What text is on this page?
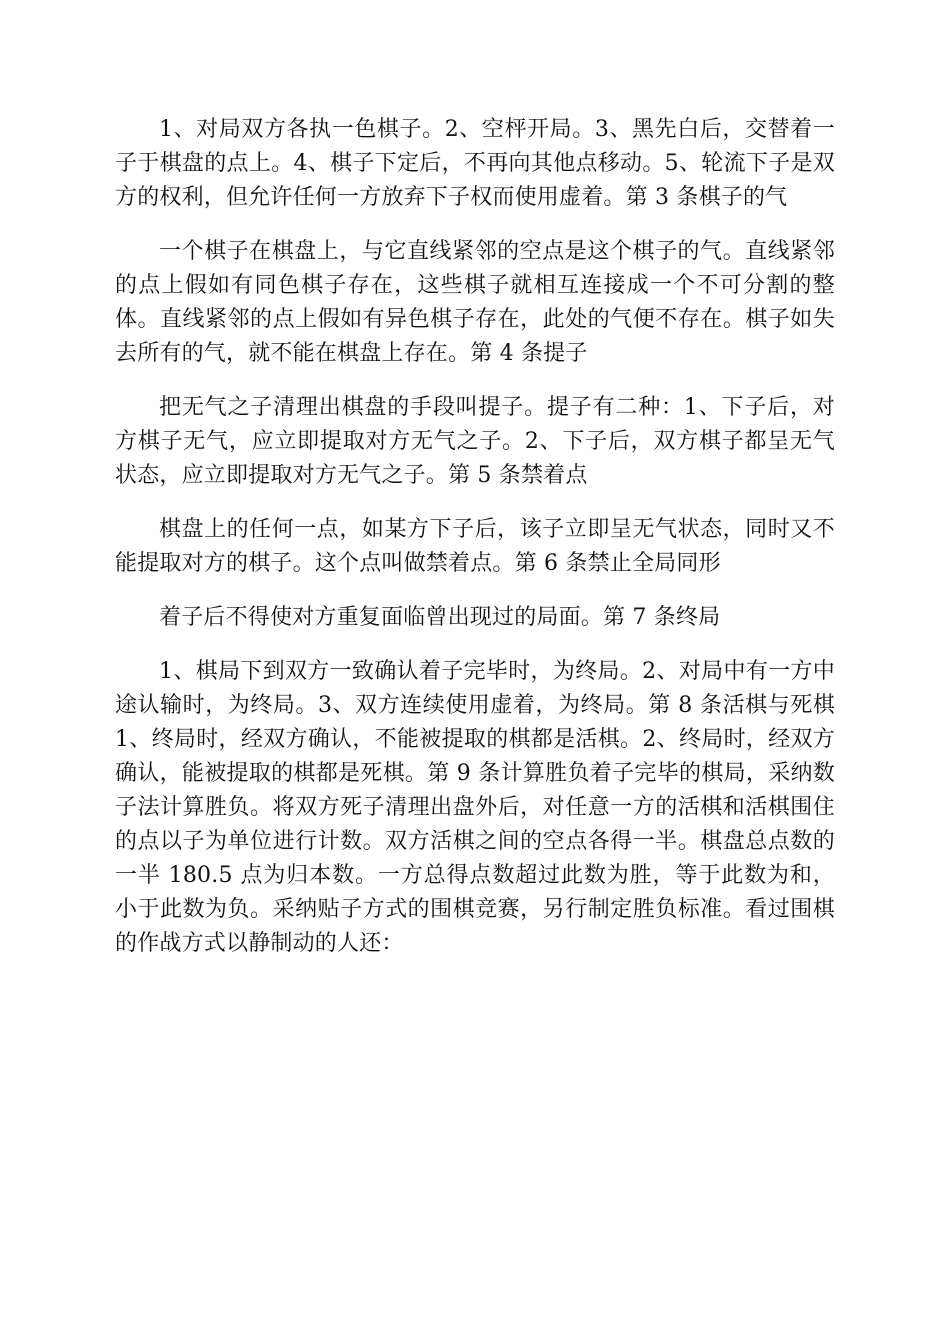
1、对局双方各执一色棋子。2、空枰开局。3、黑先白后，交替着一子于棋盘的点上。4、棋子下定后，不再向其他点移动。5、轮流下子是双方的权利，但允许任何一方放弃下子权而使用虚着。第 3 条棋子的气

一个棋子在棋盘上，与它直线紧邻的空点是这个棋子的气。直线紧邻的点上假如有同色棋子存在，这些棋子就相互连接成一个不可分割的整体。直线紧邻的点上假如有异色棋子存在，此处的气便不存在。棋子如失去所有的气，就不能在棋盘上存在。第 4 条提子

把无气之子清理出棋盘的手段叫提子。提子有二种：1、下子后，对方棋子无气，应立即提取对方无气之子。2、下子后，双方棋子都呈无气状态，应立即提取对方无气之子。第 5 条禁着点

棋盘上的任何一点，如某方下子后，该子立即呈无气状态，同时又不能提取对方的棋子。这个点叫做禁着点。第 6 条禁止全局同形

着子后不得使对方重复面临曾出现过的局面。第 7 条终局

1、棋局下到双方一致确认着子完毕时，为终局。2、对局中有一方中途认输时，为终局。3、双方连续使用虚着，为终局。第 8 条活棋与死棋 1、终局时，经双方确认，不能被提取的棋都是活棋。2、终局时，经双方确认，能被提取的棋都是死棋。第 9 条计算胜负着子完毕的棋局，采纳数子法计算胜负。将双方死子清理出盘外后，对任意一方的活棋和活棋围住的点以子为单位进行计数。双方活棋之间的空点各得一半。棋盘总点数的一半 180.5 点为归本数。一方总得点数超过此数为胜，等于此数为和，小于此数为负。采纳贴子方式的围棋竞赛，另行制定胜负标准。看过围棋的作战方式以静制动的人还：
